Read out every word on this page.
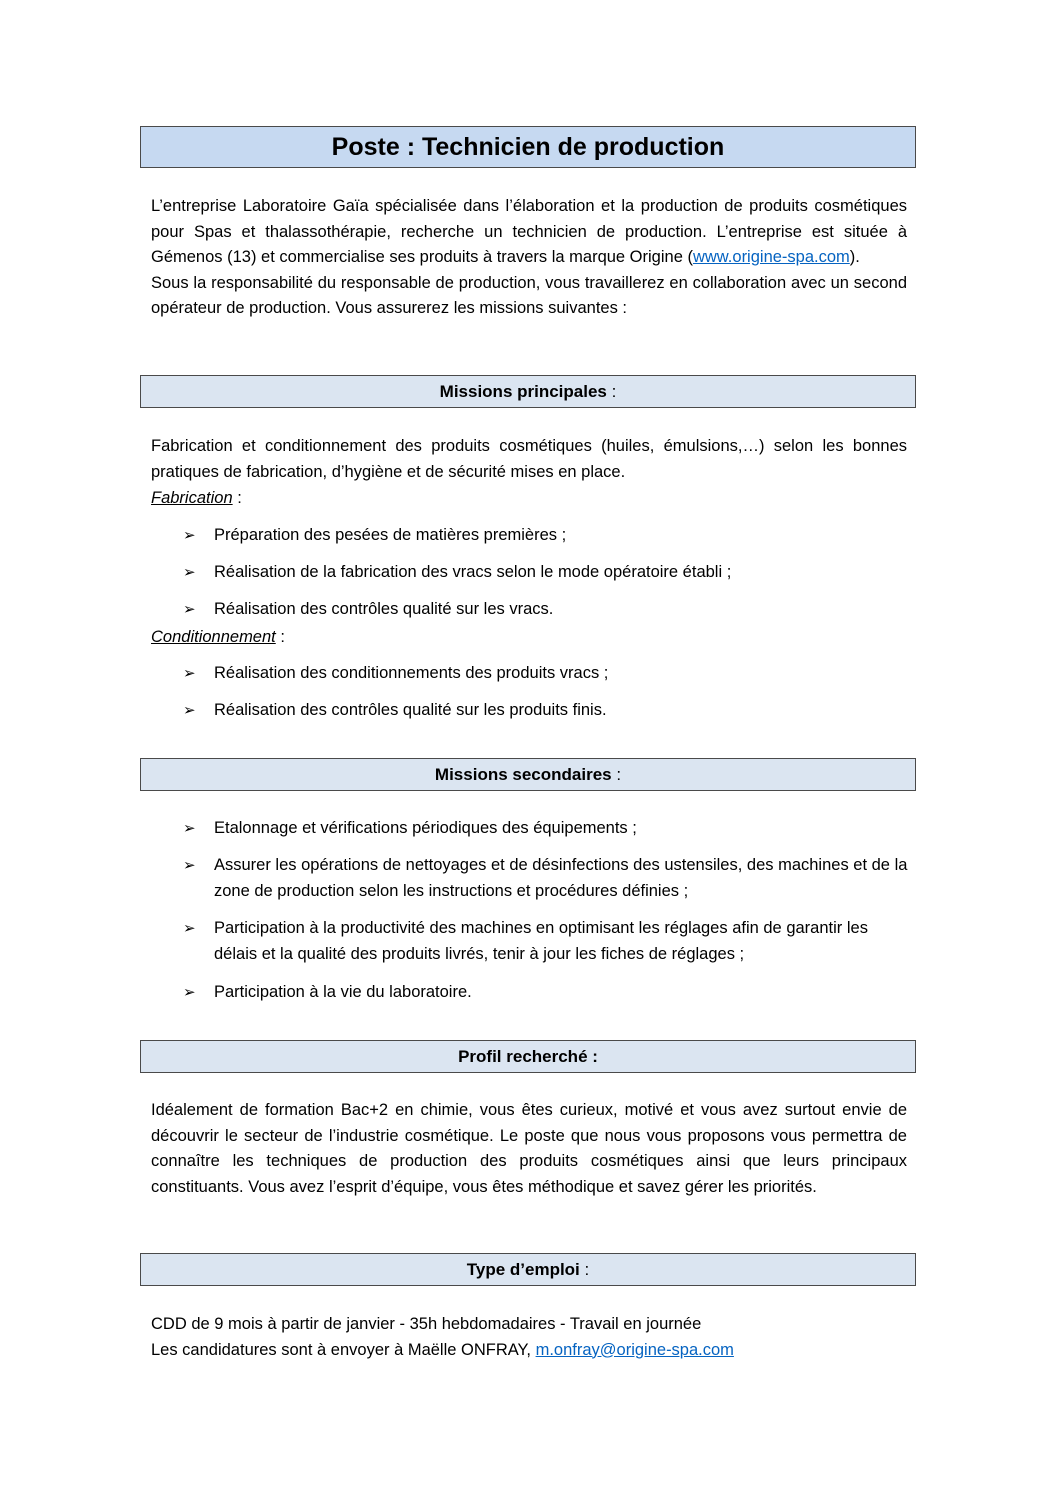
Poste : Technicien de production

L’entreprise Laboratoire Gaïa spécialisée dans l’élaboration et la production de produits cosmétiques pour Spas et thalassothérapie, recherche un technicien de production. L’entreprise est située à Gémenos (13) et commercialise ses produits à travers la marque Origine (www.origine-spa.com).

Sous la responsabilité du responsable de production, vous travaillerez en collaboration avec un second opérateur de production. Vous assurerez les missions suivantes :

Missions principales :
Fabrication et conditionnement des produits cosmétiques (huiles, émulsions,…) selon les bonnes pratiques de fabrication, d’hygiène et de sécurité mises en place.
Fabrication :
➢ Préparation des pesées de matières premières ;
➢ Réalisation de la fabrication des vracs selon le mode opératoire établi ;
➢ Réalisation des contrôles qualité sur les vracs.
Conditionnement :
➢ Réalisation des conditionnements des produits vracs ;
➢ Réalisation des contrôles qualité sur les produits finis.
Missions secondaires :
➢ Etalonnage et vérifications périodiques des équipements ;
➢ Assurer les opérations de nettoyages et de désinfections des ustensiles, des machines et de la zone de production selon les instructions et procédures définies ;
➢ Participation à la productivité des machines en optimisant les réglages afin de garantir les délais et la qualité des produits livrés, tenir à jour les fiches de réglages ;
➢ Participation à la vie du laboratoire.
Profil recherché :
Idéalement de formation Bac+2 en chimie, vous êtes curieux, motivé et vous avez surtout envie de découvrir le secteur de l’industrie cosmétique. Le poste que nous vous proposons vous permettra de connaître les techniques de production des produits cosmétiques ainsi que leurs principaux constituants. Vous avez l’esprit d’équipe, vous êtes méthodique et savez gérer les priorités.
Type d’emploi :

CDD de 9 mois à partir de janvier - 35h hebdomadaires - Travail en journée

Les candidatures sont à envoyer à Maëlle ONFRAY, m.onfray@origine-spa.com
